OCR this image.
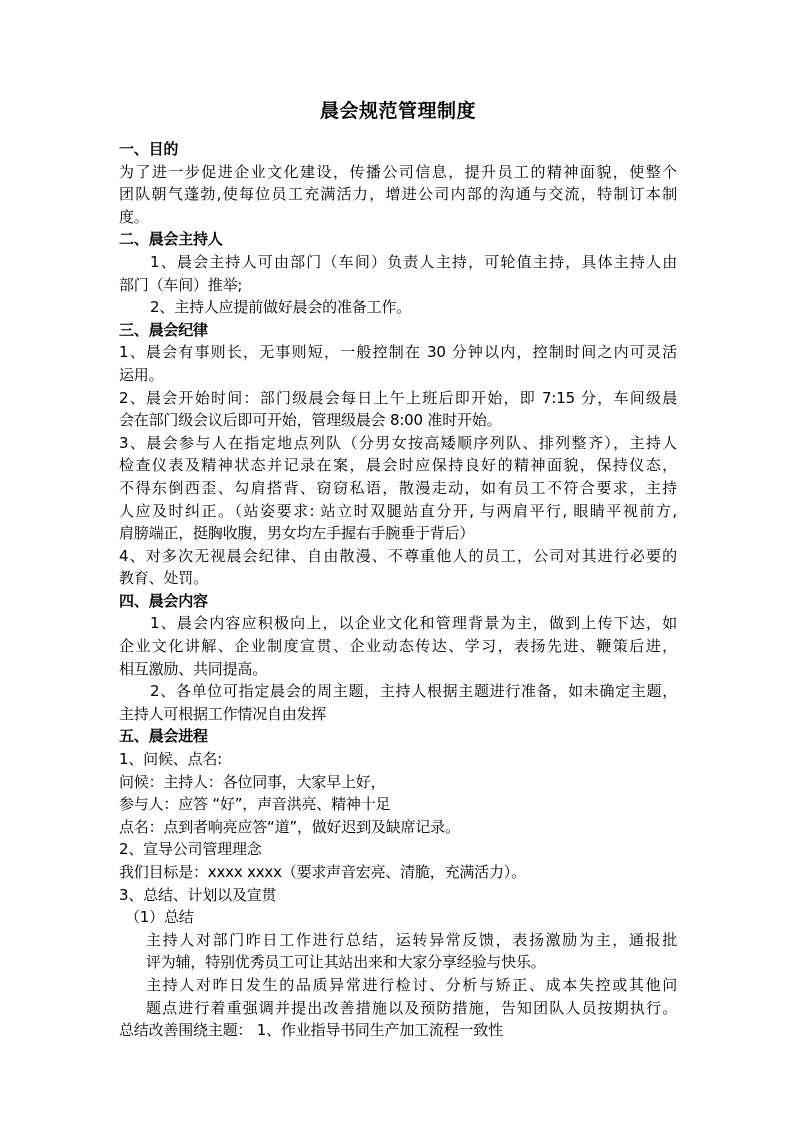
晨会规范管理制度
一、目的
为了进一步促进企业文化建设，传播公司信息，提升员工的精神面貌，使整个
团队朝气蓬勃,使每位员工充满活力，增进公司内部的沟通与交流，特制订本制
度。
二、晨会主持人
1、晨会主持人可由部门（车间）负责人主持，可轮值主持，具体主持人由
部门（车间）推举;
2、主持人应提前做好晨会的准备工作。
三、晨会纪律
1、晨会有事则长，无事则短，一般控制在 30 分钟以内，控制时间之内可灵活
运用。
2、晨会开始时间：部门级晨会每日上午上班后即开始，即 7:15 分，车间级晨
会在部门级会议后即可开始，管理级晨会 8:00 准时开始。
3、晨会参与人在指定地点列队（分男女按高矮顺序列队、排列整齐），主持人
检查仪表及精神状态并记录在案，晨会时应保持良好的精神面貌，保持仪态，
不得东倒西歪、勾肩搭背、窃窃私语，散漫走动，如有员工不符合要求，主持
人应及时纠正。（站姿要求: 站立时双腿站直分开, 与两肩平行, 眼睛平视前方,
肩膀端正，挺胸收腹，男女均左手握右手腕垂于背后）
4、对多次无视晨会纪律、自由散漫、不尊重他人的员工，公司对其进行必要的
教育、处罚。
四、晨会内容
1、晨会内容应积极向上，以企业文化和管理背景为主，做到上传下达，如
企业文化讲解、企业制度宣贯、企业动态传达、学习，表扬先进、鞭策后进，
相互激励、共同提高。
2、各单位可指定晨会的周主题，主持人根据主题进行准备，如未确定主题，
主持人可根据工作情况自由发挥
五、晨会进程
1、问候、点名:
问候：主持人：各位同事，大家早上好，
参与人：应答 “好”，声音洪亮、精神十足
点名：点到者响亮应答“道”，做好迟到及缺席记录。
2、宣导公司管理理念
我们目标是：xxxx xxxx（要求声音宏亮、清脆，充满活力）。
3、总结、计划以及宣贯
（1）总结
主持人对部门昨日工作进行总结，运转异常反馈，表扬激励为主，通报批
评为辅，特别优秀员工可让其站出来和大家分享经验与快乐。
主持人对昨日发生的品质异常进行检讨、分析与矫正、成本失控或其他问
题点进行着重强调并提出改善措施以及预防措施，告知团队人员按期执行。
总结改善围绕主题： 1、作业指导书同生产加工流程一致性
